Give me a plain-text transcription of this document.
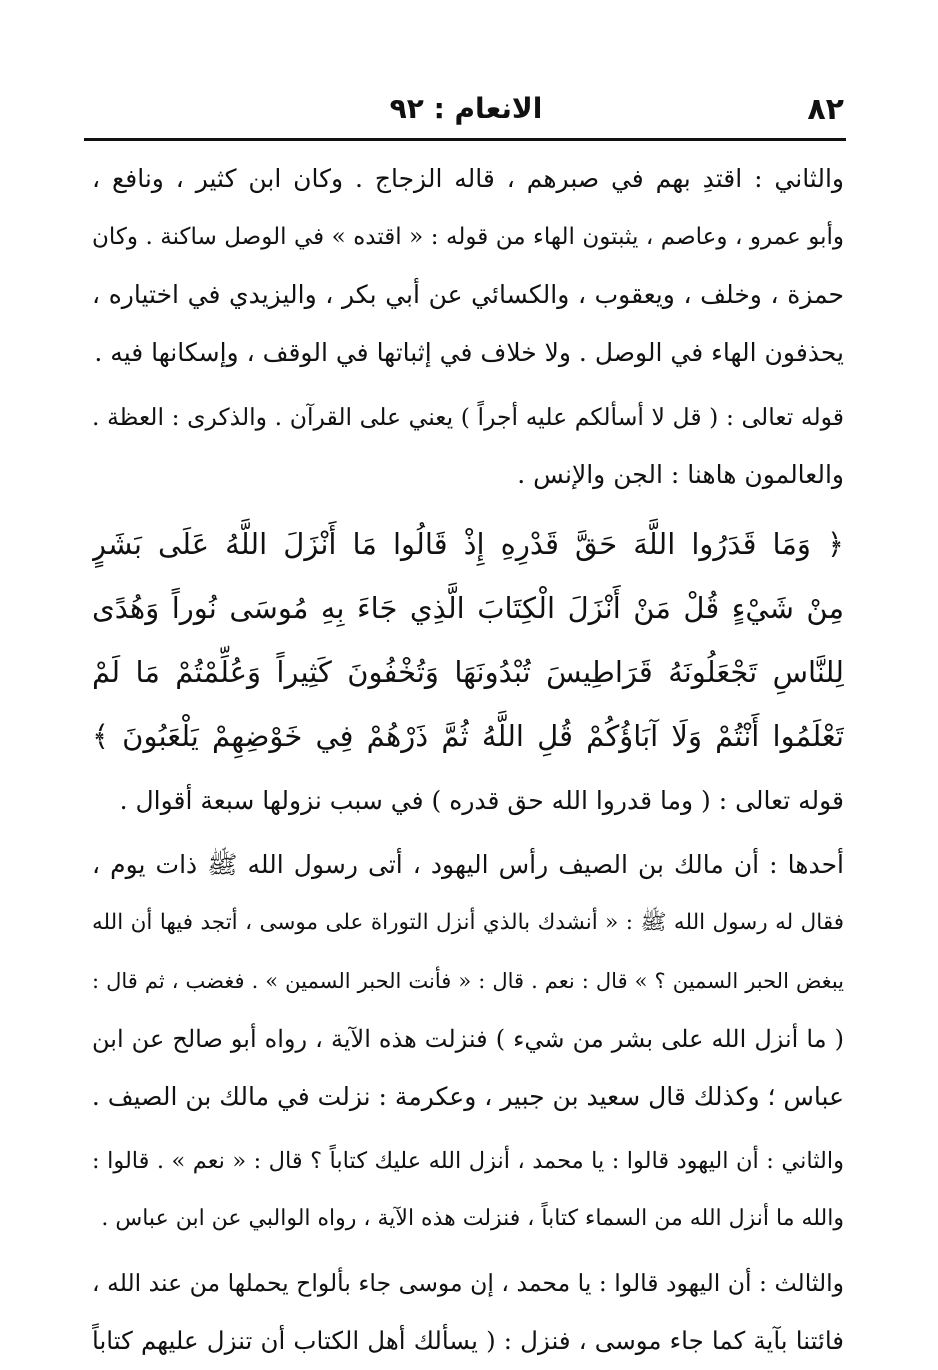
٨٢
الانعام : ٩٢
والثاني : اقتدِ بهم في صبرهم ، قاله الزجاج . وكان ابن كثير ، ونافع ،
وأبو عمرو ، وعاصم ، يثبتون الهاء من قوله : « اقتده » في الوصل ساكنة . وكان
حمزة ، وخلف ، ويعقوب ، والكسائي عن أبي بكر ، واليزيدي في اختياره ،
يحذفون الهاء في الوصل . ولا خلاف في إثباتها في الوقف ، وإسكانها فيه .
قوله تعالى : ( قل لا أسألكم عليه أجراً ) يعني على القرآن . والذكرى : العظة .
والعالمون هاهنا : الجن والإنس .
﴿ وَمَا قَدَرُوا اللَّهَ حَقَّ قَدْرِهِ إِذْ قَالُوا مَا أَنْزَلَ اللَّهُ عَلَى بَشَرٍ
مِنْ شَيْءٍ قُلْ مَنْ أَنْزَلَ الْكِتَابَ الَّذِي جَاءَ بِهِ مُوسَى نُوراً وَهُدًى
لِلنَّاسِ تَجْعَلُونَهُ قَرَاطِيسَ تُبْدُونَهَا وَتُخْفُونَ كَثِيراً وَعُلِّمْتُمْ مَا لَمْ
تَعْلَمُوا أَنْتُمْ وَلَا آبَاؤُكُمْ قُلِ اللَّهُ ثُمَّ ذَرْهُمْ فِي خَوْضِهِمْ يَلْعَبُونَ ﴾
قوله تعالى : ( وما قدروا الله حق قدره ) في سبب نزولها سبعة أقوال .
أحدها : أن مالك بن الصيف رأس اليهود ، أتى رسول الله ﷺ ذات يوم ،
فقال له رسول الله ﷺ : « أنشدك بالذي أنزل التوراة على موسى ، أتجد فيها أن الله
يبغض الحبر السمين ؟ » قال : نعم . قال : « فأنت الحبر السمين » . فغضب ، ثم قال :
( ما أنزل الله على بشر من شيء ) فنزلت هذه الآية ، رواه أبو صالح عن ابن
عباس ؛ وكذلك قال سعيد بن جبير ، وعكرمة : نزلت في مالك بن الصيف .
والثاني : أن اليهود قالوا : يا محمد ، أنزل الله عليك كتاباً ؟ قال : « نعم » . قالوا :
والله ما أنزل الله من السماء كتاباً ، فنزلت هذه الآية ، رواه الوالبي عن ابن عباس .
والثالث : أن اليهود قالوا : يا محمد ، إن موسى جاء بألواح يحملها من عند الله ،
فائتنا بآية كما جاء موسى ، فنزل : ( يسألك أهل الكتاب أن تنزل عليهم كتاباً
